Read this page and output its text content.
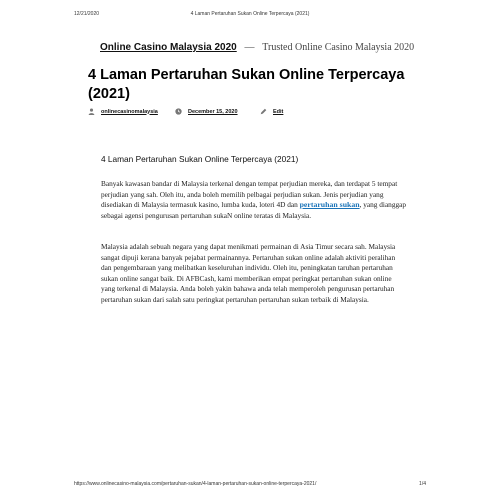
12/21/2020	4 Laman Pertaruhan Sukan Online Terpercaya (2021)
Online Casino Malaysia 2020 — Trusted Online Casino Malaysia 2020
4 Laman Pertaruhan Sukan Online Terpercaya (2021)
onlinecasinomalaysia	December 15, 2020	Edit
4 Laman Pertaruhan Sukan Online Terpercaya (2021)

Banyak kawasan bandar di Malaysia terkenal dengan tempat perjudian mereka, dan terdapat 5 tempat perjudian yang sah. Oleh itu, anda boleh memilih pelbagai perjudian sukan. Jenis perjudian yang disediakan di Malaysia termasuk kasino, lumba kuda, loteri 4D dan pertaruhan sukan, yang dianggap sebagai agensi pengurusan pertaruhan sukaN online teratas di Malaysia.

Malaysia adalah sebuah negara yang dapat menikmati permainan di Asia Timur secara sah. Malaysia sangat dipuji kerana banyak pejabat permainannya. Pertaruhan sukan online adalah aktiviti peralihan dan pengembaraan yang melibatkan keseluruhan individu. Oleh itu, peningkatan taruhan pertaruhan sukan online sangat baik. Di AFBCash, kami memberikan empat peringkat pertaruhan sukan online yang terkenal di Malaysia. Anda boleh yakin bahawa anda telah memperoleh pengurusan pertaruhan pertaruhan sukan dari salah satu peringkat pertaruhan pertaruhan sukan terbaik di Malaysia.

https://www.onlinecasino-malaysia.com/pertaruhan-sukan/4-laman-pertaruhan-sukan-online-terpercaya-2021/	1/4
